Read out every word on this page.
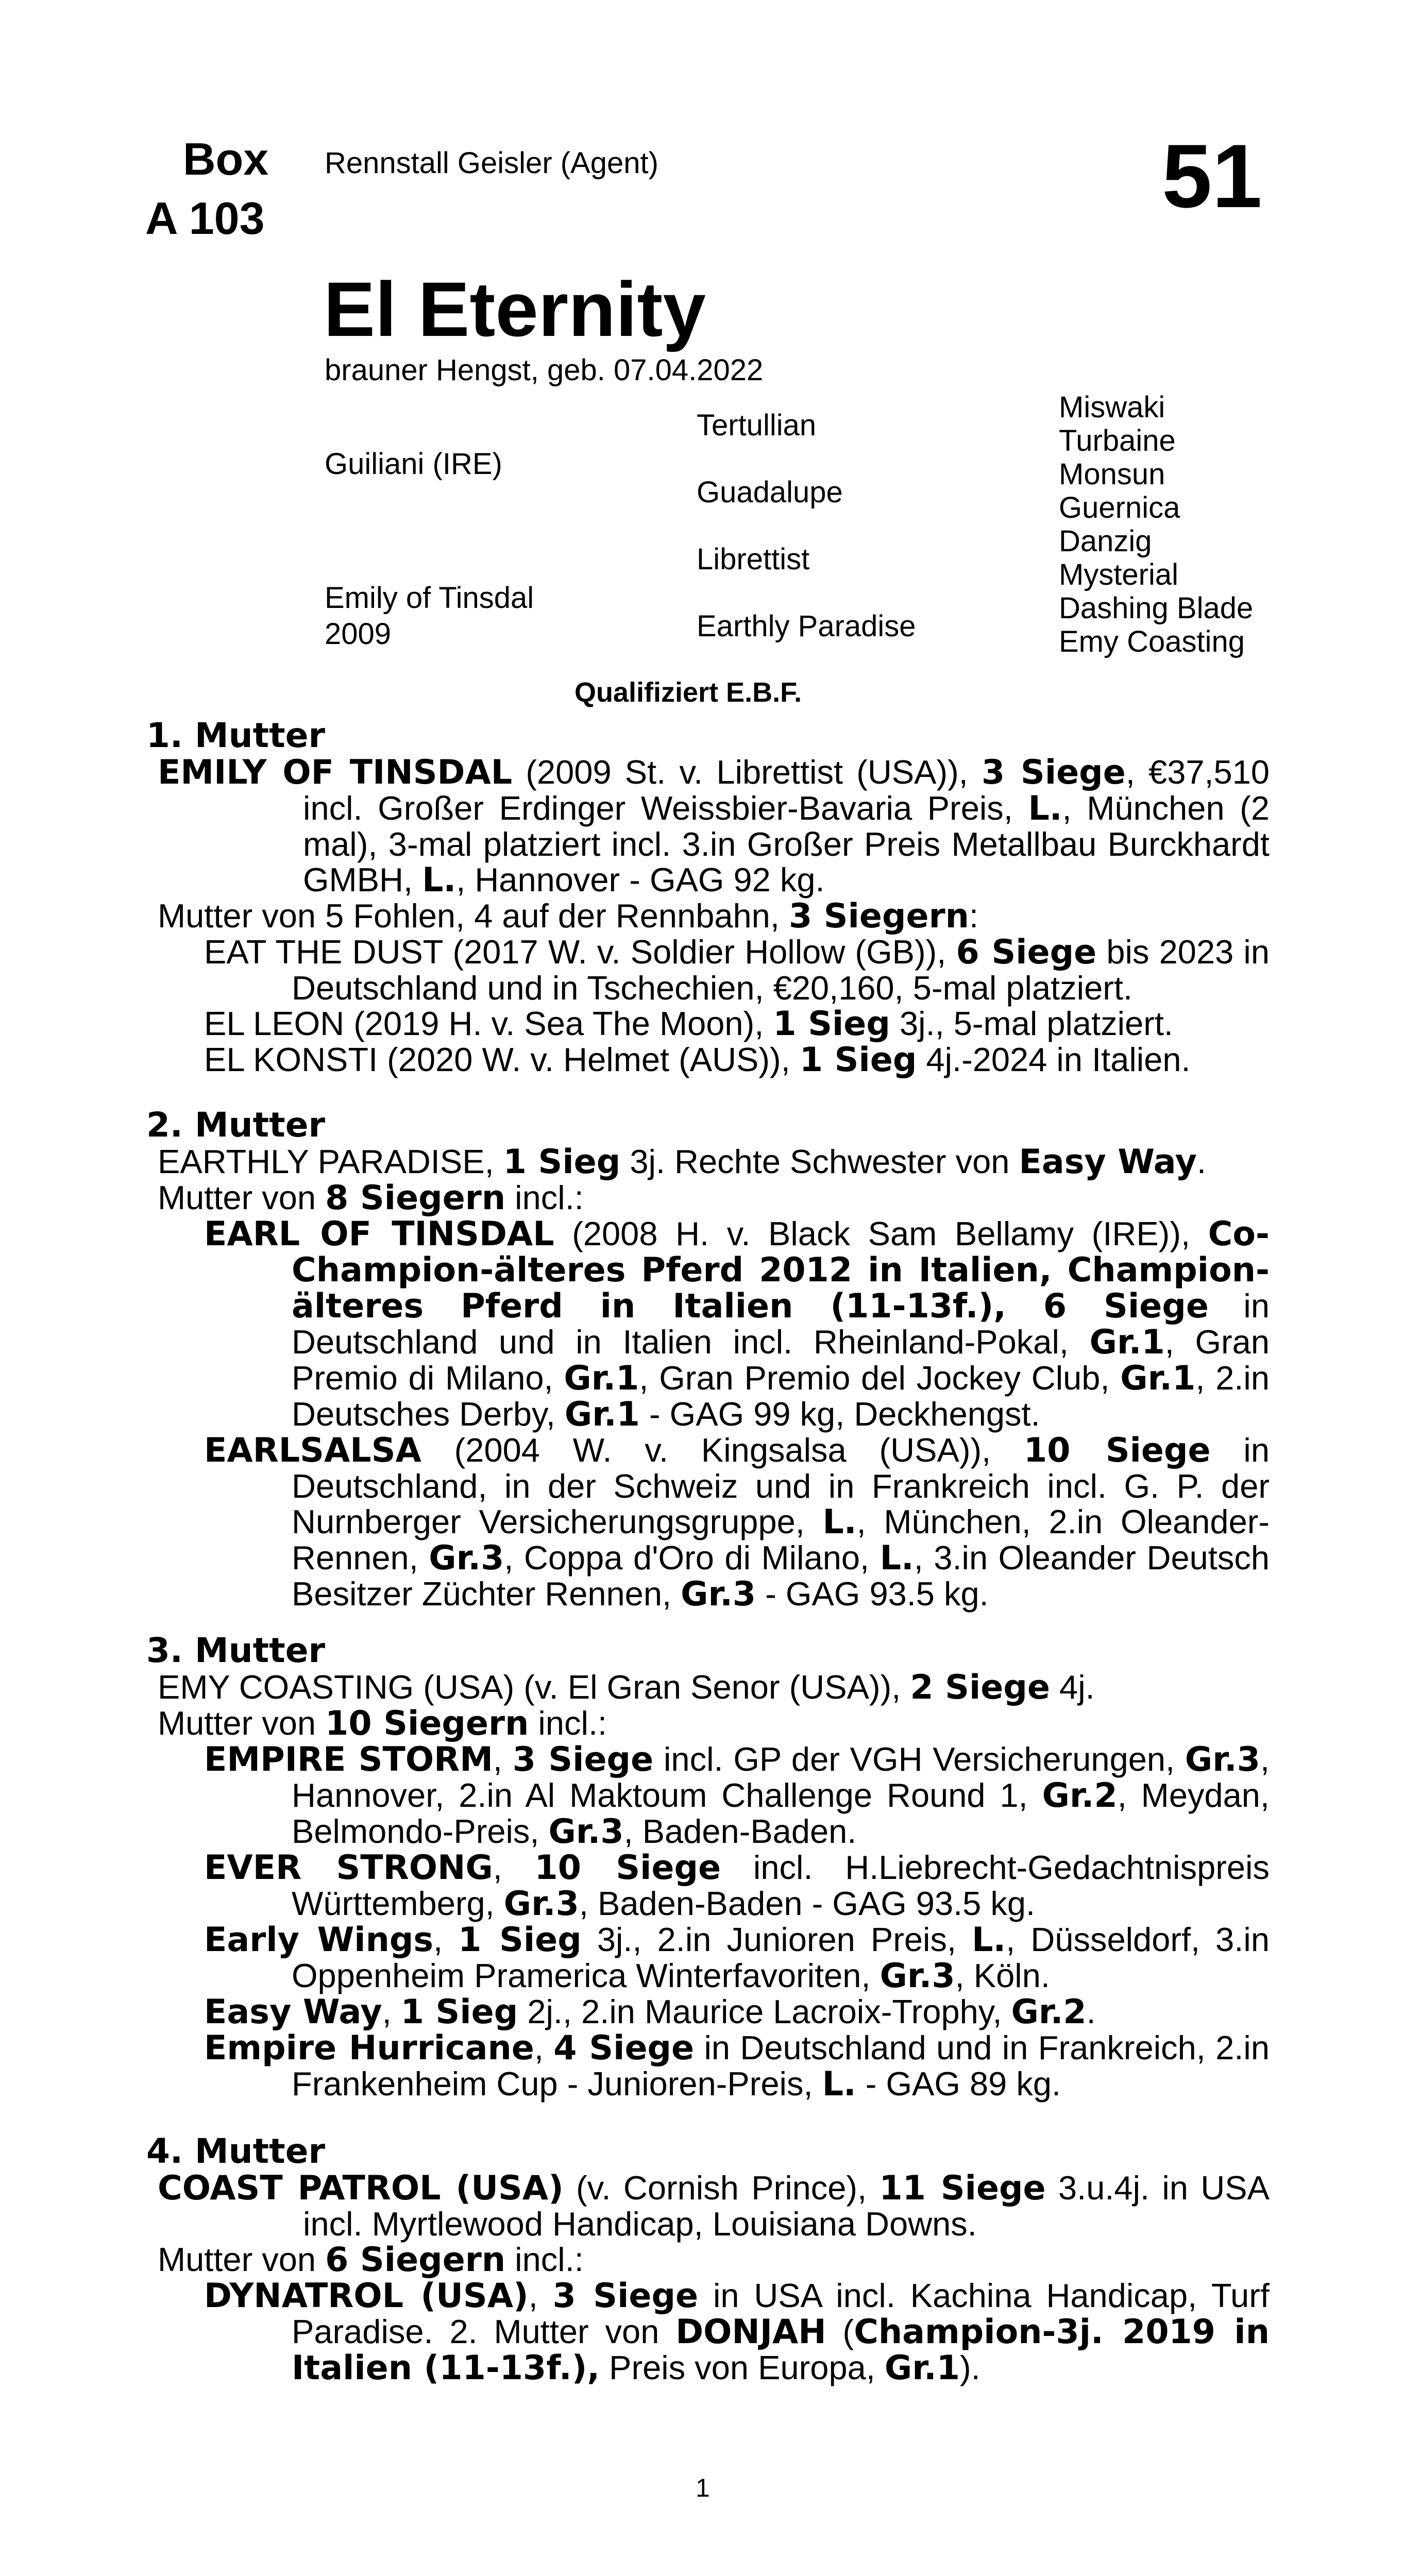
Box
A 103
Rennstall Geisler (Agent)	51
El Eternity
brauner Hengst, geb. 07.04.2022
Guiliani (IRE)
Emily of Tinsdal
2009
Tertullian
Guadalupe
Librettist
Earthly Paradise
Miswaki
Turbaine
Monsun
Guernica
Danzig
Mysterial
Dashing Blade
Emy Coasting
Qualifiziert E.B.F.
1. Mutter

EMILY OF TINSDAL (2009 St. v. Librettist (USA)), 3 Siege, €37,510 incl. Großer Erdinger Weissbier-Bavaria Preis, L., München (2 mal), 3-mal platziert incl. 3.in Großer Preis Metallbau Burckhardt GMBH, L., Hannover - GAG 92 kg.

Mutter von 5 Fohlen, 4 auf der Rennbahn, 3 Siegern:

EAT THE DUST (2017 W. v. Soldier Hollow (GB)), 6 Siege bis 2023 in Deutschland und in Tschechien, €20,160, 5-mal platziert.

EL LEON (2019 H. v. Sea The Moon), 1 Sieg 3j., 5-mal platziert.

EL KONSTI (2020 W. v. Helmet (AUS)), 1 Sieg 4j.-2024 in Italien.

2. Mutter

EARTHLY PARADISE, 1 Sieg 3j. Rechte Schwester von Easy Way.

Mutter von 8 Siegern incl.:

EARL OF TINSDAL (2008 H. v. Black Sam Bellamy (IRE)), Co-Champion-älteres Pferd 2012 in Italien, Champion-älteres Pferd in Italien (11-13f.), 6 Siege in Deutschland und in Italien incl. Rheinland-Pokal, Gr.1, Gran Premio di Milano, Gr.1, Gran Premio del Jockey Club, Gr.1, 2.in Deutsches Derby, Gr.1 - GAG 99 kg, Deckhengst.

EARLSALSA (2004 W. v. Kingsalsa (USA)), 10 Siege in Deutschland, in der Schweiz und in Frankreich incl. G. P. der Nurnberger Versicherungsgruppe, L., München, 2.in Oleander-Rennen, Gr.3, Coppa d'Oro di Milano, L., 3.in Oleander Deutsch Besitzer Züchter Rennen, Gr.3 - GAG 93.5 kg.

3. Mutter

EMY COASTING (USA) (v. El Gran Senor (USA)), 2 Siege 4j.

Mutter von 10 Siegern incl.:

EMPIRE STORM, 3 Siege incl. GP der VGH Versicherungen, Gr.3, Hannover, 2.in Al Maktoum Challenge Round 1, Gr.2, Meydan, Belmondo-Preis, Gr.3, Baden-Baden.

EVER STRONG, 10 Siege incl. H.Liebrecht-Gedachtnispreis Württemberg, Gr.3, Baden-Baden - GAG 93.5 kg.

Early Wings, 1 Sieg 3j., 2.in Junioren Preis, L., Düsseldorf, 3.in Oppenheim Pramerica Winterfavoriten, Gr.3, Köln.

Easy Way, 1 Sieg 2j., 2.in Maurice Lacroix-Trophy, Gr.2.

Empire Hurricane, 4 Siege in Deutschland und in Frankreich, 2.in Frankenheim Cup - Junioren-Preis, L. - GAG 89 kg.

4. Mutter

COAST PATROL (USA) (v. Cornish Prince), 11 Siege 3.u.4j. in USA incl. Myrtlewood Handicap, Louisiana Downs.

Mutter von 6 Siegern incl.:

DYNATROL (USA), 3 Siege in USA incl. Kachina Handicap, Turf Paradise. 2. Mutter von DONJAH (Champion-3j. 2019 in Italien (11-13f.), Preis von Europa, Gr.1).

1
